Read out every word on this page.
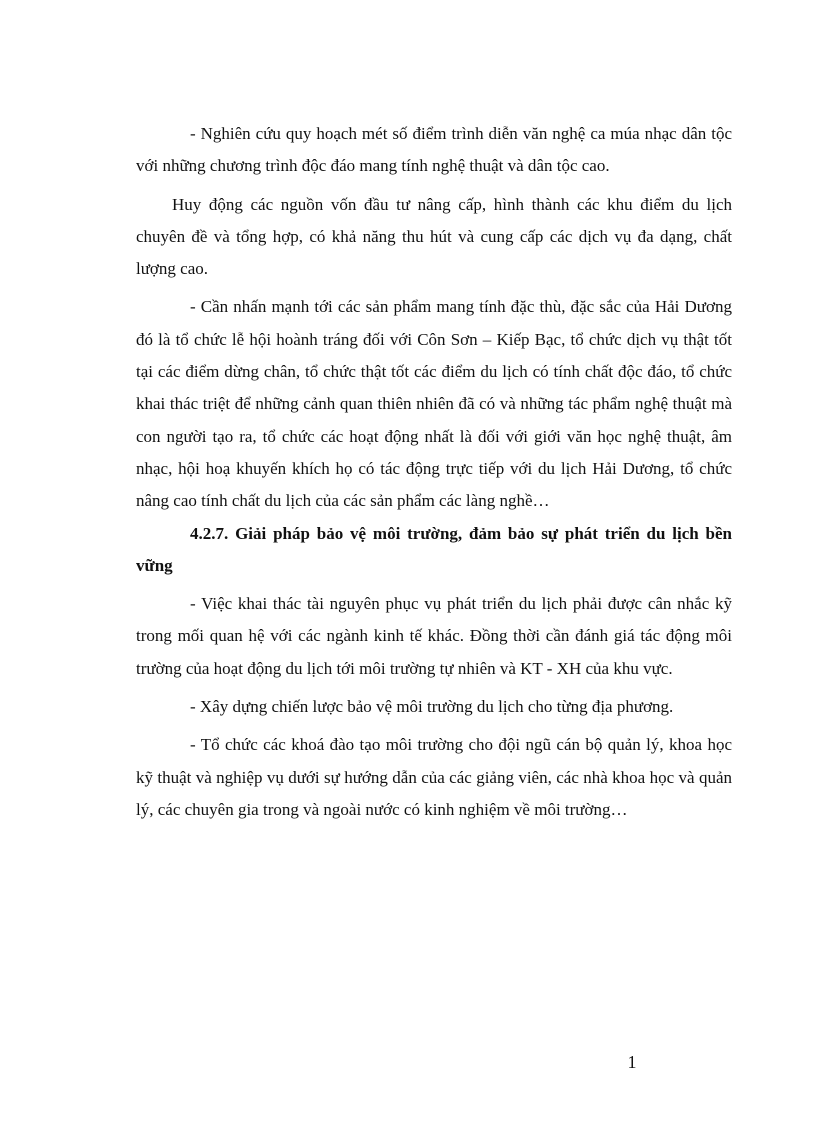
- Nghiên cứu quy hoạch mét số điểm trình diễn văn nghệ ca múa nhạc dân tộc với những chương trình độc đáo mang tính nghệ thuật và dân tộc cao.

Huy động các nguồn vốn đầu tư nâng cấp, hình thành các khu điểm du lịch chuyên đề và tổng hợp, có khả năng thu hút và cung cấp các dịch vụ đa dạng, chất lượng cao.

- Cần nhấn mạnh tới các sản phẩm mang tính đặc thù, đặc sắc của Hải Dương đó là tổ chức lễ hội hoành tráng đối với Côn Sơn – Kiếp Bạc, tổ chức dịch vụ thật tốt tại các điểm dừng chân, tổ chức thật tốt các điểm du lịch có tính chất độc đáo, tổ chức khai thác triệt để những cảnh quan thiên nhiên đã có và những tác phẩm nghệ thuật mà con người tạo ra, tổ chức các hoạt động nhất là đối với giới văn học nghệ thuật, âm nhạc, hội hoạ khuyến khích họ có tác động trực tiếp với du lịch Hải Dương, tổ chức nâng cao tính chất du lịch của các sản phẩm các làng nghề…

4.2.7. Giải pháp bảo vệ môi trường, đảm bảo sự phát triển du lịch bền vững

- Việc khai thác tài nguyên phục vụ phát triển du lịch phải được cân nhắc kỹ trong mối quan hệ với các ngành kinh tế khác. Đồng thời cần đánh giá tác động môi trường của hoạt động du lịch tới môi trường tự nhiên và KT - XH của khu vực.

- Xây dựng chiến lược bảo vệ môi trường du lịch cho từng địa phương.

- Tổ chức các khoá đào tạo môi trường cho đội ngũ cán bộ quản lý, khoa học kỹ thuật và nghiệp vụ dưới sự hướng dẫn của các giảng viên, các nhà khoa học và quản lý, các chuyên gia trong và ngoài nước có kinh nghiệm về môi trường…

1
